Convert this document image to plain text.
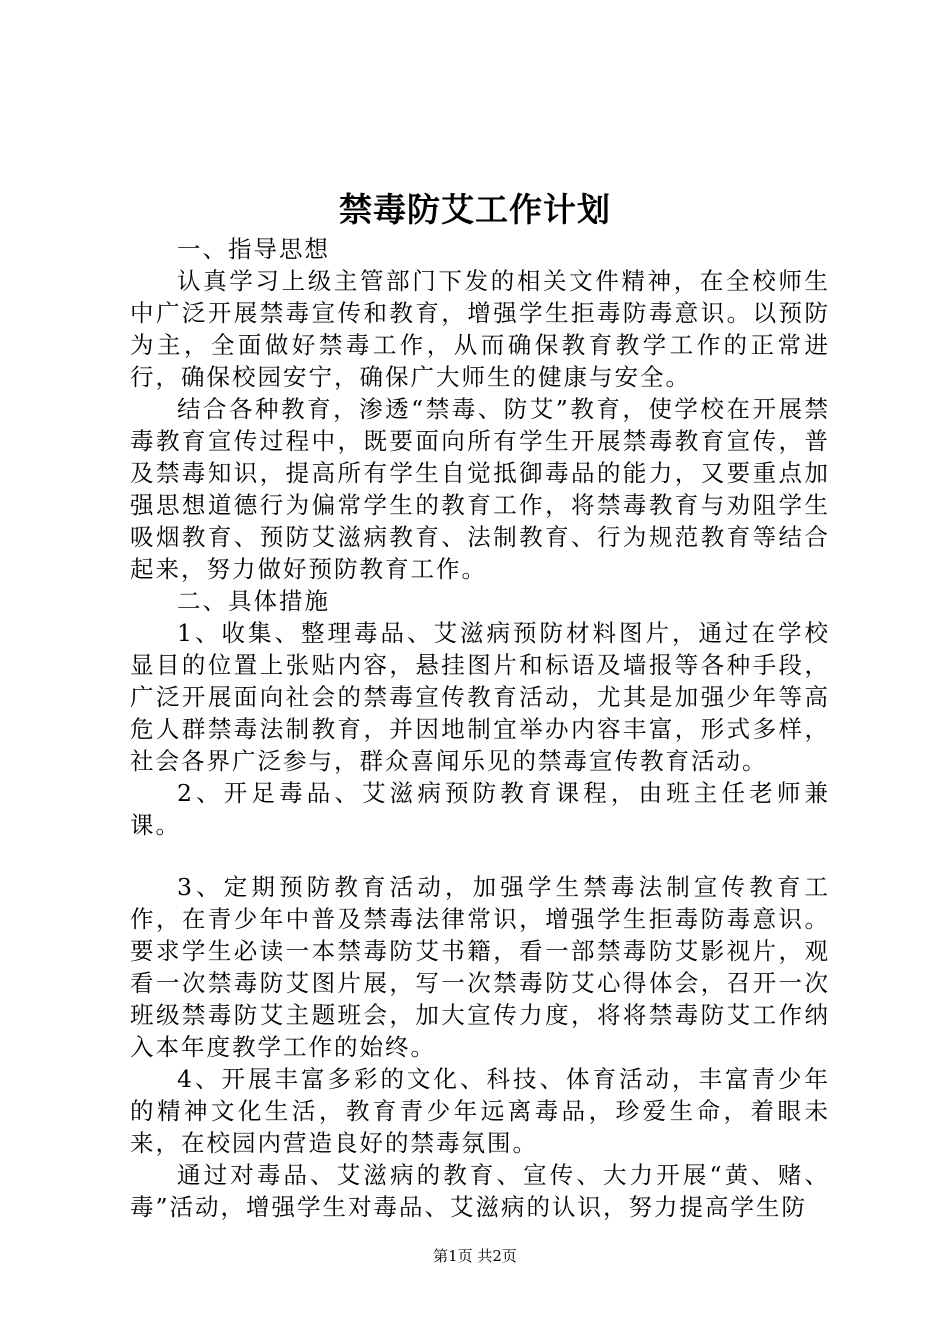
禁毒防艾工作计划

一、指导思想

认真学习上级主管部门下发的相关文件精神，在全校师生中广泛开展禁毒宣传和教育，增强学生拒毒防毒意识。以预防为主，全面做好禁毒工作，从而确保教育教学工作的正常进行，确保校园安宁，确保广大师生的健康与安全。

结合各种教育，渗透“禁毒、防艾”教育，使学校在开展禁毒教育宣传过程中，既要面向所有学生开展禁毒教育宣传，普及禁毒知识，提高所有学生自觉抵御毒品的能力，又要重点加强思想道德行为偏常学生的教育工作，将禁毒教育与劝阻学生吸烟教育、预防艾滋病教育、法制教育、行为规范教育等结合起来，努力做好预防教育工作。

二、具体措施

1、收集、整理毒品、艾滋病预防材料图片，通过在学校显目的位置上张贴内容，悬挂图片和标语及墙报等各种手段，广泛开展面向社会的禁毒宣传教育活动，尤其是加强少年等高危人群禁毒法制教育，并因地制宜举办内容丰富，形式多样，社会各界广泛参与，群众喜闻乐见的禁毒宣传教育活动。

2、开足毒品、艾滋病预防教育课程，由班主任老师兼课。

3、定期预防教育活动，加强学生禁毒法制宣传教育工作，在青少年中普及禁毒法律常识，增强学生拒毒防毒意识。要求学生必读一本禁毒防艾书籍，看一部禁毒防艾影视片，观看一次禁毒防艾图片展，写一次禁毒防艾心得体会，召开一次班级禁毒防艾主题班会，加大宣传力度，将将禁毒防艾工作纳入本年度教学工作的始终。

4、开展丰富多彩的文化、科技、体育活动，丰富青少年的精神文化生活，教育青少年远离毒品，珍爱生命，着眼未来，在校园内营造良好的禁毒氛围。

通过对毒品、艾滋病的教育、宣传、大力开展“黄、赌、毒”活动，增强学生对毒品、艾滋病的认识，努力提高学生防

第1页 共2页
